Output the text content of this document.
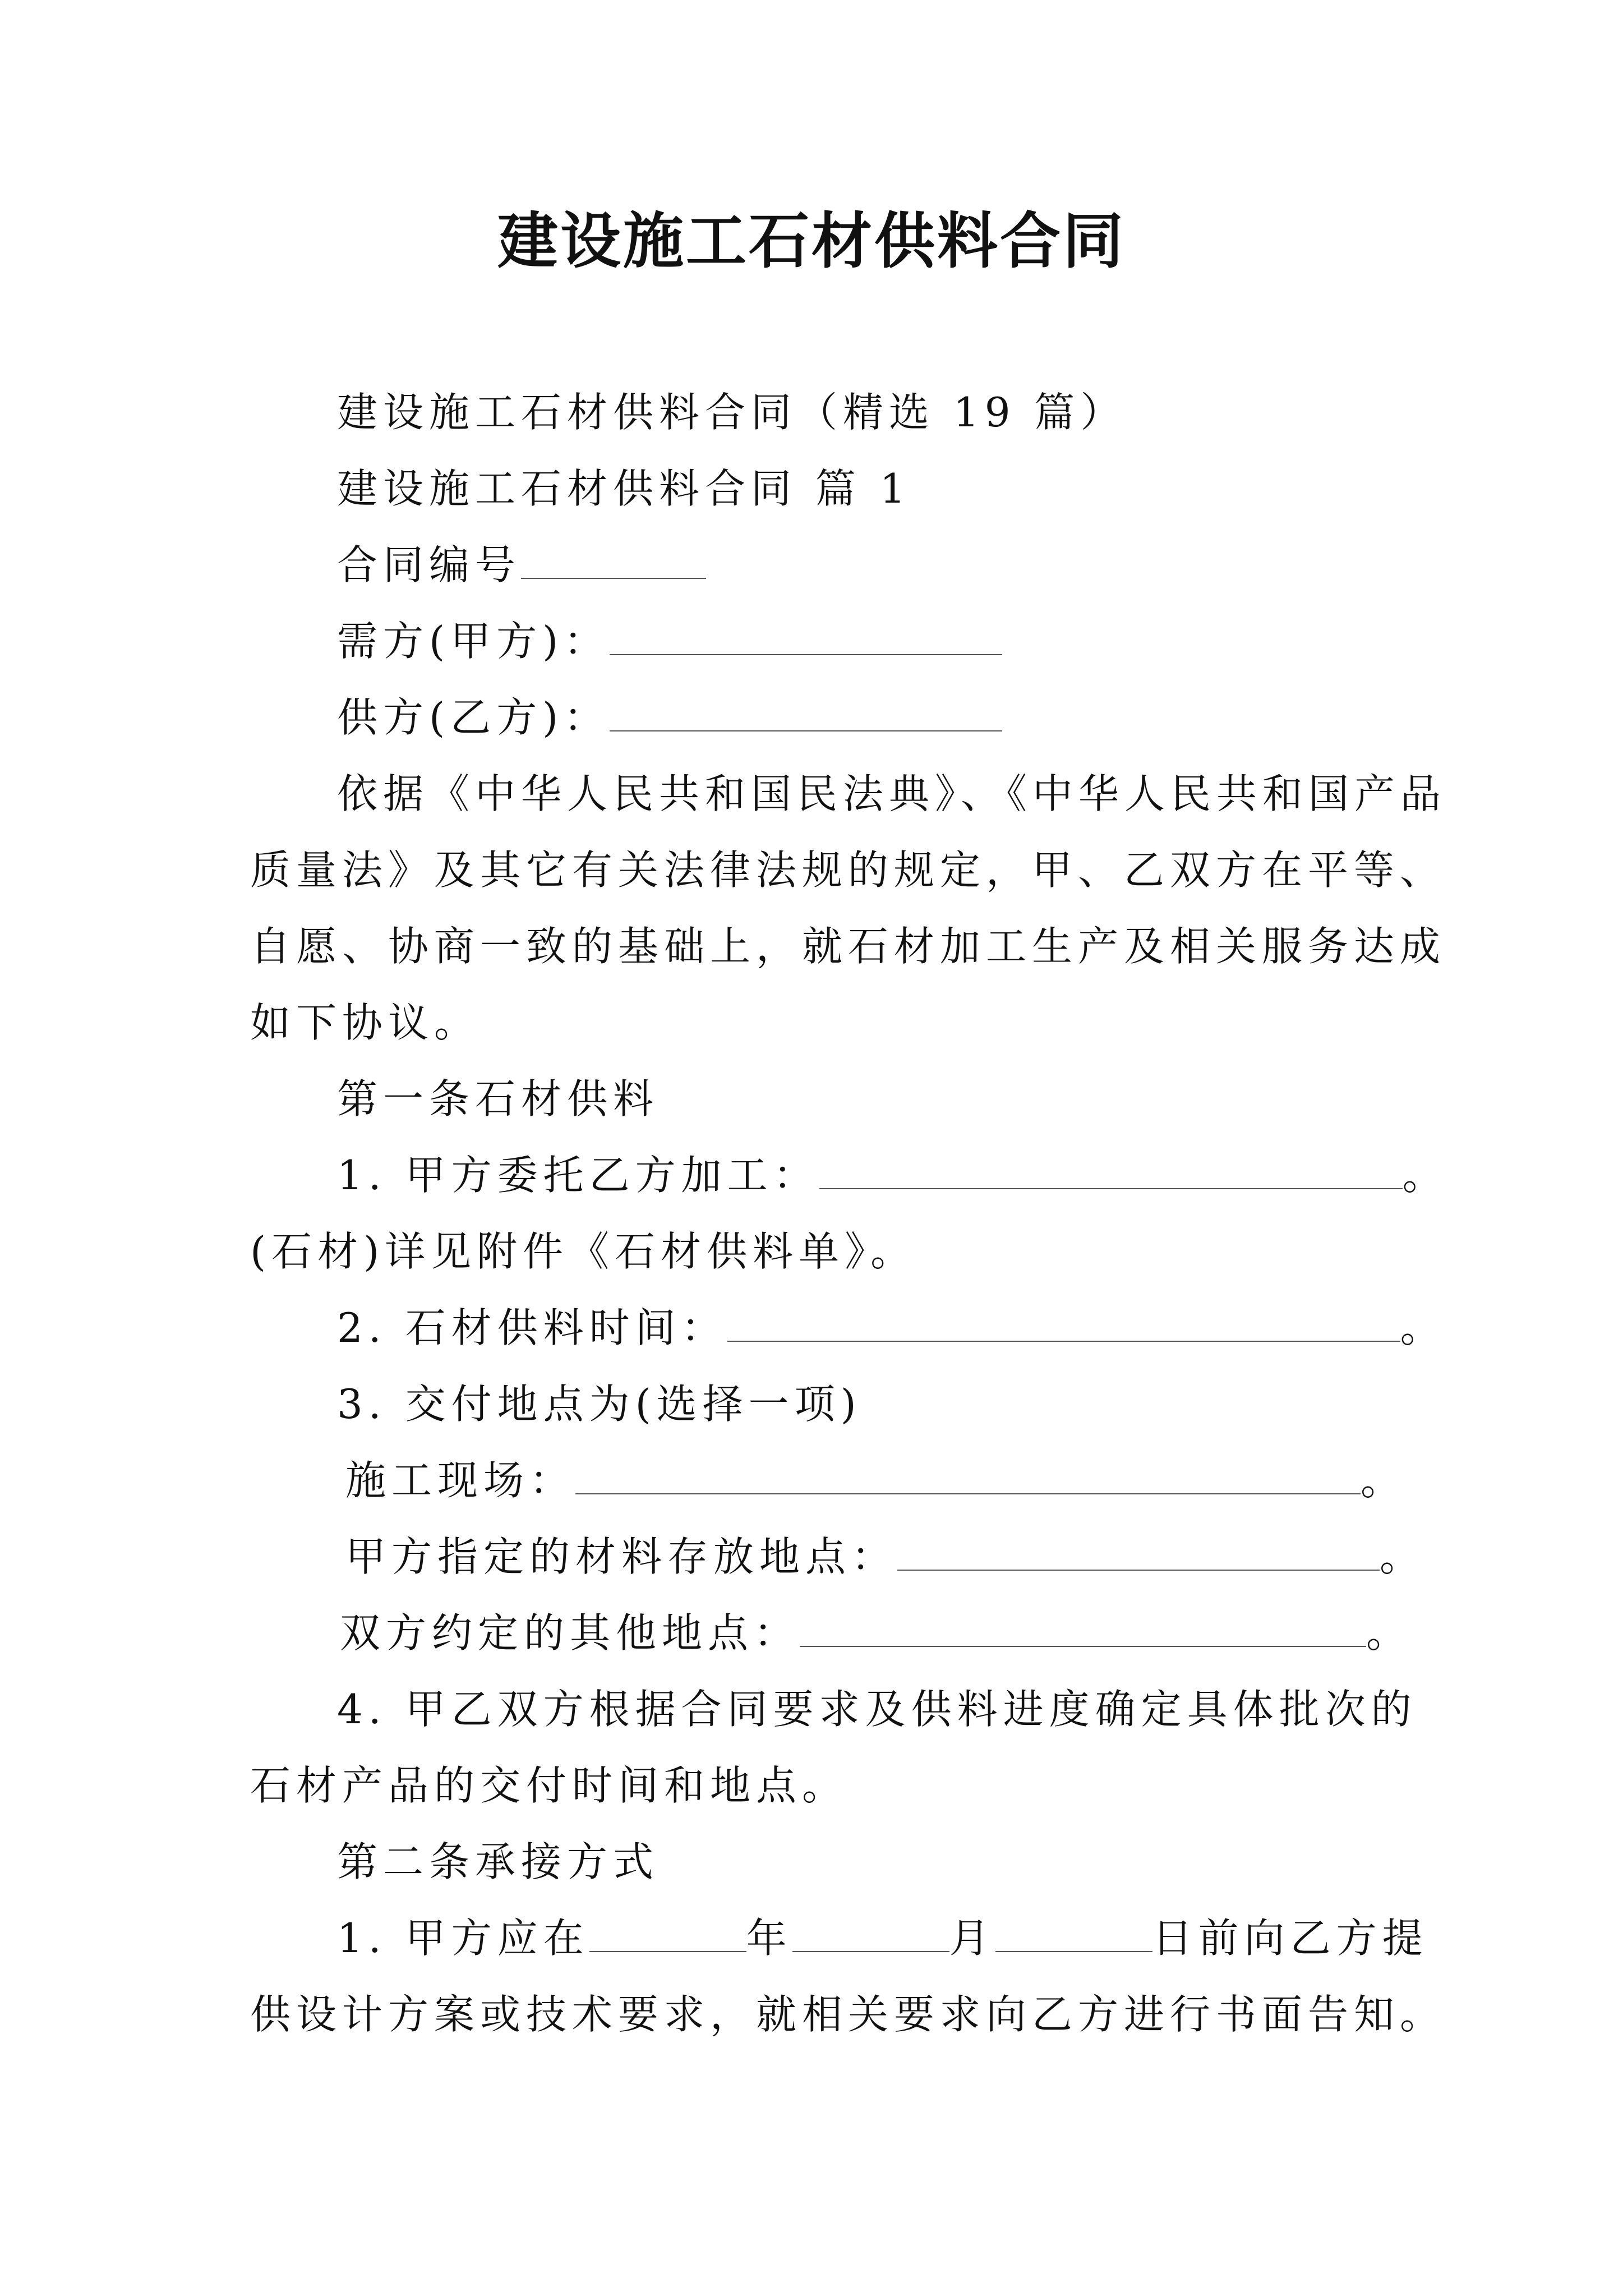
建设施工石材供料合同
建设施工石材供料合同（精选 19 篇）
建设施工石材供料合同 篇 1
合同编号
需方(甲方)：
供方(乙方)：
依据《中华人民共和国民法典》、《中华人民共和国产品
质量法》及其它有关法律法规的规定，甲、乙双方在平等、
自愿、协商一致的基础上，就石材加工生产及相关服务达成
如下协议。
第一条石材供料
1. 甲方委托乙方加工：	。
(石材)详见附件《石材供料单》。
2. 石材供料时间：	。
3. 交付地点为(选择一项)
施工现场：	。
甲方指定的材料存放地点：	。
双方约定的其他地点：	。
4. 甲乙双方根据合同要求及供料进度确定具体批次的
石材产品的交付时间和地点。
第二条承接方式
1. 甲方应在	年	月	日前向乙方提
供设计方案或技术要求，就相关要求向乙方进行书面告知。
